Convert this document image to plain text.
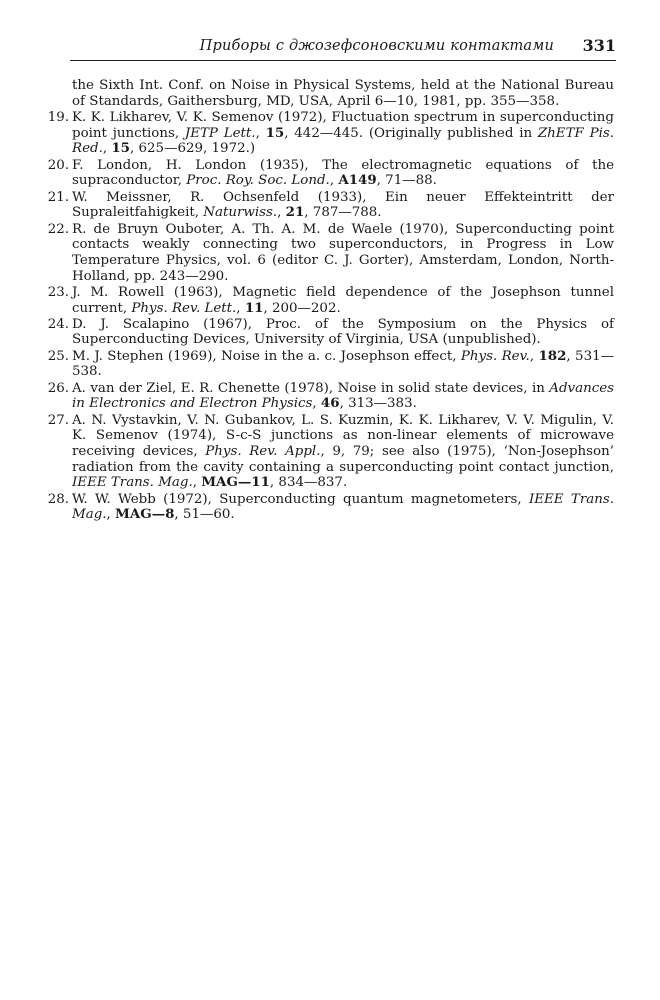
Приборы с джозефсоновскими контактами 331

the Sixth Int. Conf. on Noise in Physical Systems, held at the National Bureau of Standards, Gaithersburg, MD, USA, April 6—10, 1981, pp. 355—358.

19. K. K. Likharev, V. K. Semenov (1972), Fluctuation spectrum in superconducting point junctions, JETP Lett., 15, 442—445. (Originally published in ZhETF Pis. Red., 15, 625—629, 1972.)

20. F. London, H. London (1935), The electromagnetic equations of the supraconductor, Proc. Roy. Soc. Lond., A149, 71—88.

21. W. Meissner, R. Ochsenfeld (1933), Ein neuer Effekteintritt der Supraleitfahigkeit, Naturwiss., 21, 787—788.

22. R. de Bruyn Ouboter, A. Th. A. M. de Waele (1970), Superconducting point contacts weakly connecting two superconductors, in Progress in Low Temperature Physics, vol. 6 (editor C. J. Gorter), Amsterdam, London, North-Holland, pp. 243—290.

23. J. M. Rowell (1963), Magnetic field dependence of the Josephson tunnel current, Phys. Rev. Lett., 11, 200—202.

24. D. J. Scalapino (1967), Proc. of the Symposium on the Physics of Superconducting Devices, University of Virginia, USA (unpublished).

25. M. J. Stephen (1969), Noise in the a. c. Josephson effect, Phys. Rev., 182, 531—538.

26. A. van der Ziel, E. R. Chenette (1978), Noise in solid state devices, in Advances in Electronics and Electron Physics, 46, 313—383.

27. A. N. Vystavkin, V. N. Gubankov, L. S. Kuzmin, K. K. Likharev, V. V. Migulin, V. K. Semenov (1974), S-c-S junctions as non-linear elements of microwave receiving devices, Phys. Rev. Appl., 9, 79; see also (1975), ‘Non-Josephson’ radiation from the cavity containing a superconducting point contact junction, IEEE Trans. Mag., MAG—11, 834—837.

28. W. W. Webb (1972), Superconducting quantum magnetometers, IEEE Trans. Mag., MAG—8, 51—60.
